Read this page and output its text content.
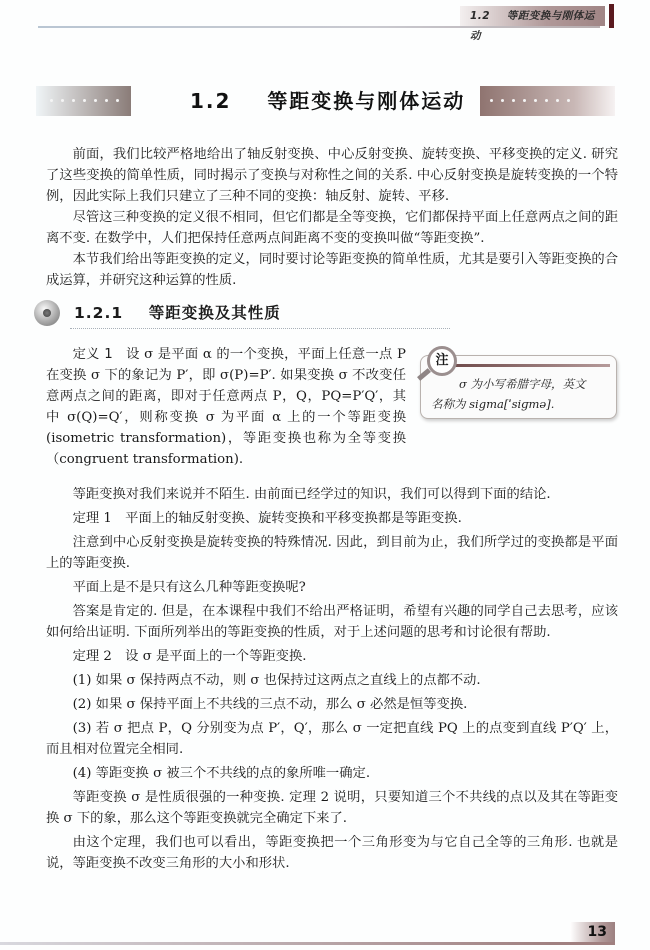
1.2 等距变换与刚体运动
1.2 等距变换与刚体运动

前面，我们比较严格地给出了轴反射变换、中心反射变换、旋转变换、平移变换的定义. 研究了这些变换的简单性质，同时揭示了变换与对称性之间的关系. 中心反射变换是旋转变换的一个特例，因此实际上我们只建立了三种不同的变换：轴反射、旋转、平移.

尽管这三种变换的定义很不相同，但它们都是全等变换，它们都保持平面上任意两点之间的距离不变. 在数学中，人们把保持任意两点间距离不变的变换叫做“等距变换”.

本节我们给出等距变换的定义，同时要讨论等距变换的简单性质，尤其是要引入等距变换的合成运算，并研究这种运算的性质.

1.2.1 等距变换及其性质

定义 1 设 σ 是平面 α 的一个变换，平面上任意一点 P 在变换 σ 下的象记为 P′，即 σ(P)=P′. 如果变换 σ 不改变任意两点之间的距离，即对于任意两点 P，Q，PQ=P′Q′，其中 σ(Q)=Q′，则称变换 σ 为平面 α 上的一个等距变换(isometric transformation)，等距变换也称为全等变换（congruent transformation).

注
σ 为小写希腊字母，英文
名称为 sigma[ˈsiɡmə].

等距变换对我们来说并不陌生. 由前面已经学过的知识，我们可以得到下面的结论.

定理 1　平面上的轴反射变换、旋转变换和平移变换都是等距变换.

注意到中心反射变换是旋转变换的特殊情况. 因此，到目前为止，我们所学过的变换都是平面上的等距变换.

平面上是不是只有这么几种等距变换呢?

答案是肯定的. 但是，在本课程中我们不给出严格证明，希望有兴趣的同学自己去思考，应该如何给出证明. 下面所列举出的等距变换的性质，对于上述问题的思考和讨论很有帮助.

定理 2　设 σ 是平面上的一个等距变换.

(1) 如果 σ 保持两点不动，则 σ 也保持过这两点之直线上的点都不动.

(2) 如果 σ 保持平面上不共线的三点不动，那么 σ 必然是恒等变换.

(3) 若 σ 把点 P，Q 分别变为点 P′，Q′，那么 σ 一定把直线 PQ 上的点变到直线 P′Q′ 上，而且相对位置完全相同.

(4) 等距变换 σ 被三个不共线的点的象所唯一确定.

等距变换 σ 是性质很强的一种变换. 定理 2 说明，只要知道三个不共线的点以及其在等距变换 σ 下的象，那么这个等距变换就完全确定下来了.

由这个定理，我们也可以看出，等距变换把一个三角形变为与它自己全等的三角形. 也就是说，等距变换不改变三角形的大小和形状.

13
